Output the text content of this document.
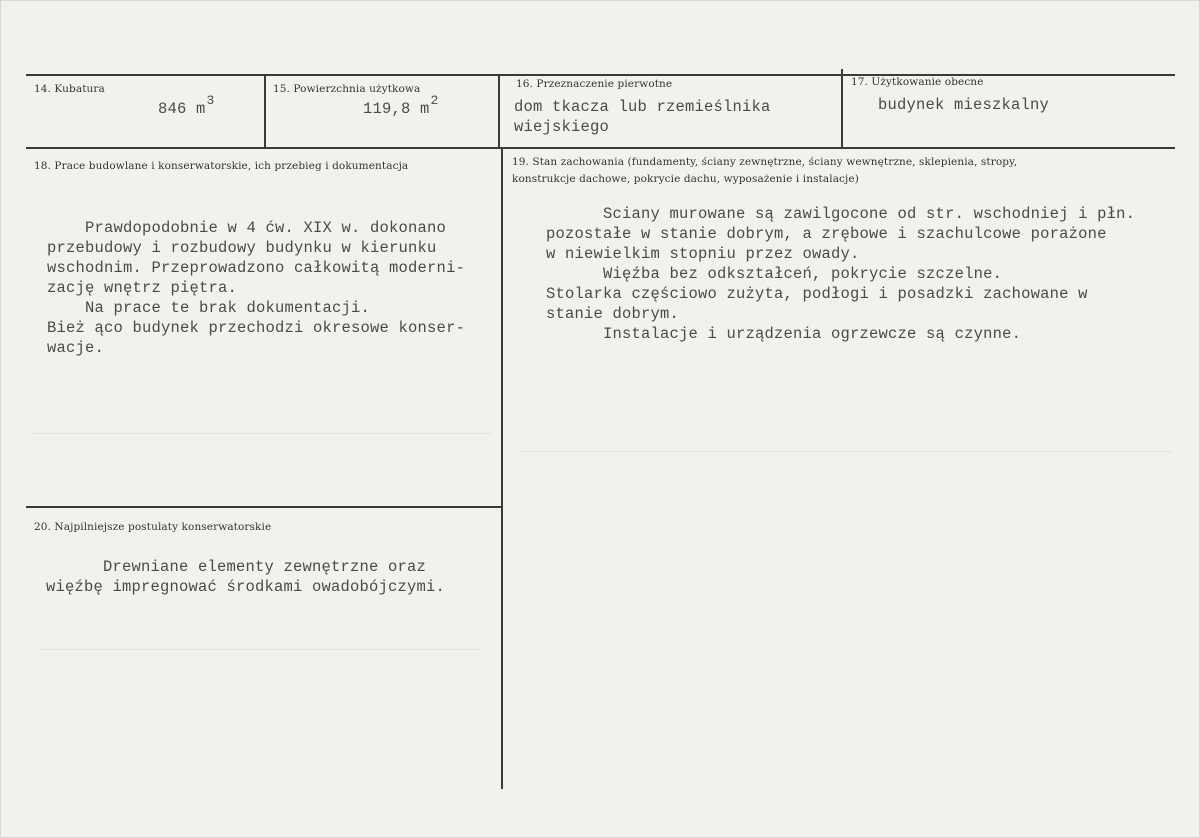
14. Kubatura
846 $m^3$
15. Powierzchnia użytkowa
119,8 $m^2$
16. Przeznaczenie pierwotne
dom tkacza lub rzemieślnika
wiejskiego
17. Użytkowanie obecne
budynek mieszkalny
18. Prace budowlane i konserwatorskie, ich przebieg i dokumentacja

Prawdopodobnie w 4 ćw. XIX w. dokonano
przebudowy i rozbudowy budynku w kierunku
wschodnim. Przeprowadzono całkowitą moderni-
zację wnętrz piętra.
Na prace te brak dokumentacji.
Bież ąco budynek przechodzi okresowe konser-
wacje.
19. Stan zachowania (fundamenty, ściany zewnętrzne, ściany wewnętrzne, sklepienia, stropy,
konstrukcje dachowe, pokrycie dachu, wyposażenie i instalacje)
Sciany murowane są zawilgocone od str. wschodniej i płn.
pozostałe w stanie dobrym, a zrębowe i szachulcowe porażone
w niewielkim stopniu przez owady.
Więźba bez odkształceń, pokrycie szczelne.
Stolarka częściowo zużyta, podłogi i posadzki zachowane w
stanie dobrym.
Instalacje i urządzenia ogrzewcze są czynne.
20. Najpilniejsze postulaty konserwatorskie
Drewniane elementy zewnętrzne oraz
więźbę impregnować środkami owadobójczymi.
